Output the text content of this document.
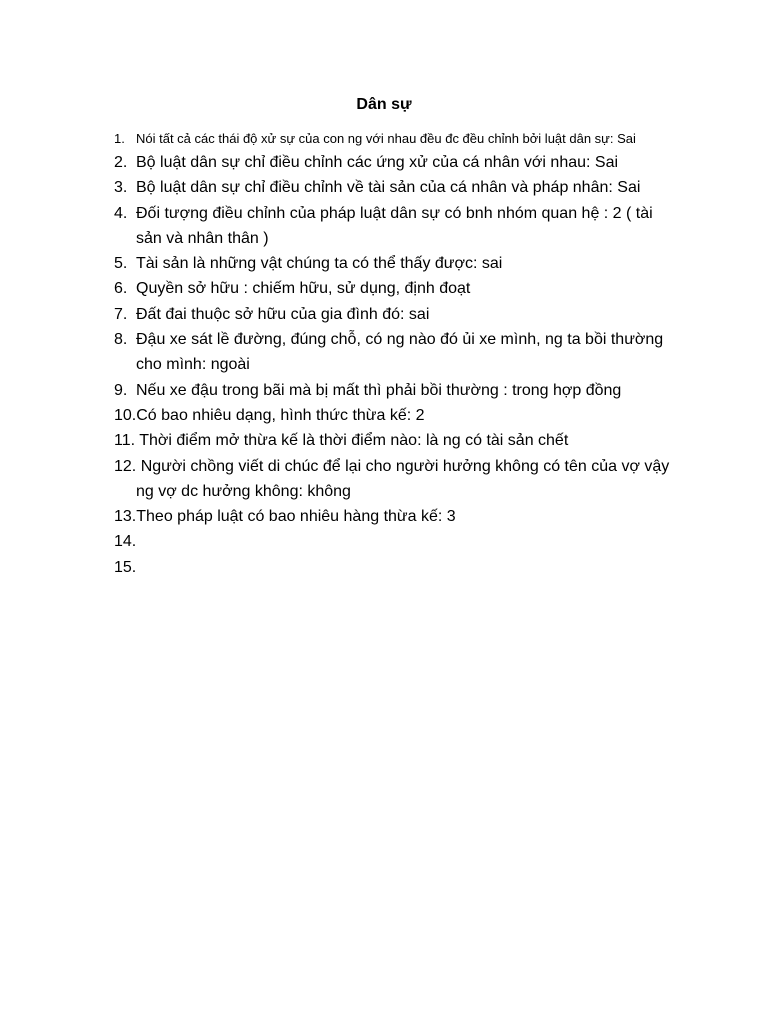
Dân sự
1. Nói tất cả các thái độ xử sự của con ng với nhau đều đc đều chỉnh bởi luật dân sự: Sai
2. Bộ luật dân sự chỉ điều chỉnh các ứng xử của cá nhân với nhau: Sai
3. Bộ luật dân sự chỉ điều chỉnh về tài sản của cá nhân và pháp nhân: Sai
4. Đối tượng điều chỉnh của pháp luật dân sự có bnh nhóm quan hệ : 2 ( tài
sản và nhân thân )
5. Tài sản là những vật chúng ta có thể thấy được: sai
6. Quyền sở hữu : chiếm hữu, sử dụng, định đoạt
7. Đất đai thuộc sở hữu của gia đình đó: sai
8. Đậu xe sát lề đường, đúng chỗ, có ng nào đó ủi xe mình, ng ta bồi thường
cho mình: ngoài
9. Nếu xe đậu trong bãi mà bị mất thì phải bồi thường : trong hợp đồng
10.Có bao nhiêu dạng, hình thức thừa kế: 2
11. Thời điểm mở thừa kế là thời điểm nào: là ng có tài sản chết
12. Người chồng viết di chúc để lại cho người hưởng không có tên của vợ vậy
ng vợ dc hưởng không: không
13.Theo pháp luật có bao nhiêu hàng thừa kế: 3
14.
15.
